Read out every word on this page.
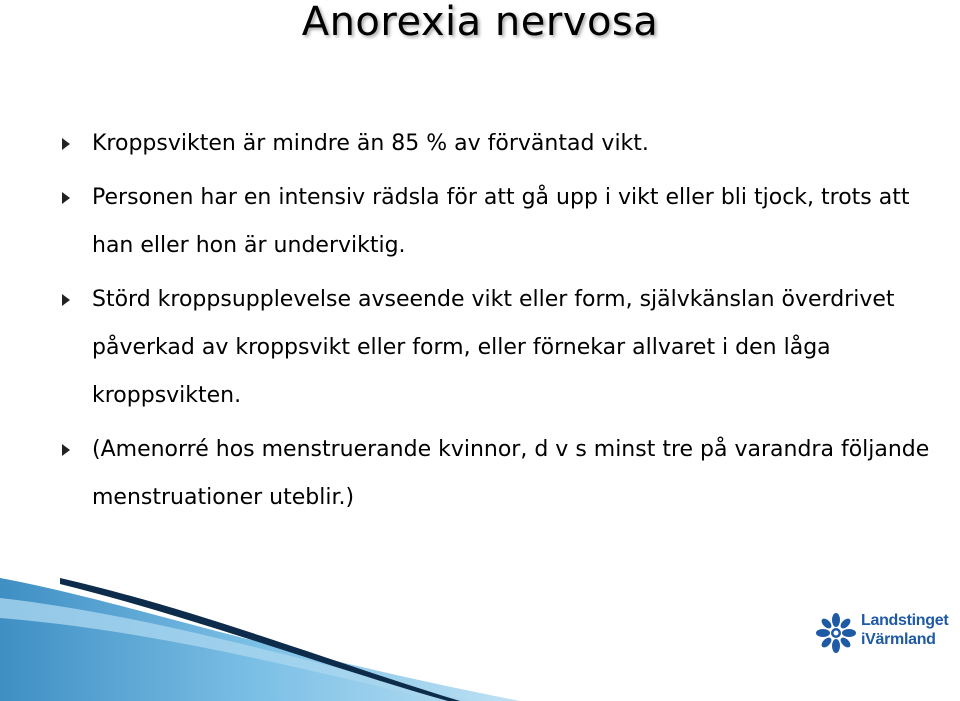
Anorexia nervosa
Kroppsvikten är mindre än 85 % av förväntad vikt.
Personen har en intensiv rädsla för att gå upp i vikt eller bli tjock, trots att han eller hon är underviktig.
Störd kroppsupplevelse avseende vikt eller form, självkänslan överdrivet påverkad av kroppsvikt eller form, eller förnekar allvaret i den låga kroppsvikten.
(Amenorré hos menstruerande kvinnor, d v s minst tre på varandra följande menstruationer uteblir.)
Landstinget
iVärmland
